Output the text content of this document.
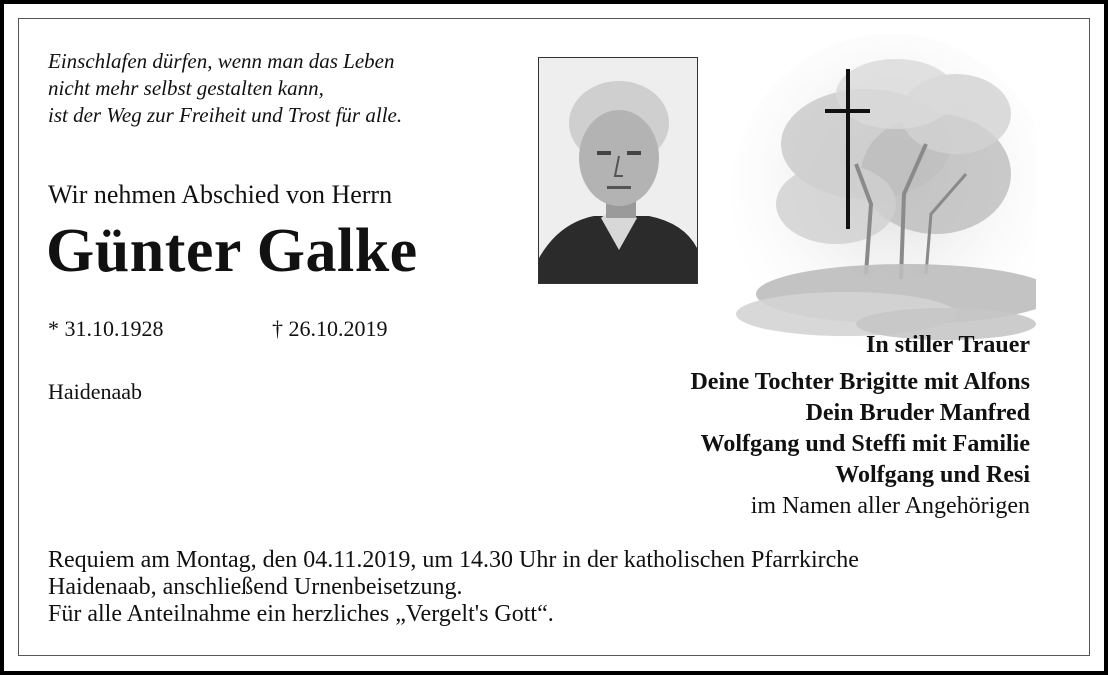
Einschlafen dürfen, wenn man das Leben
nicht mehr selbst gestalten kann,
ist der Weg zur Freiheit und Trost für alle.
Wir nehmen Abschied von Herrn
Günter Galke
* 31.10.1928	† 26.10.2019
Haidenaab
In stiller Trauer
Deine Tochter Brigitte mit Alfons
Dein Bruder Manfred
Wolfgang und Steffi mit Familie
Wolfgang und Resi
im Namen aller Angehörigen
Requiem am Montag, den 04.11.2019, um 14.30 Uhr in der katholischen Pfarrkirche
Haidenaab, anschließend Urnenbeisetzung.
Für alle Anteilnahme ein herzliches „Vergelt's Gott“.
